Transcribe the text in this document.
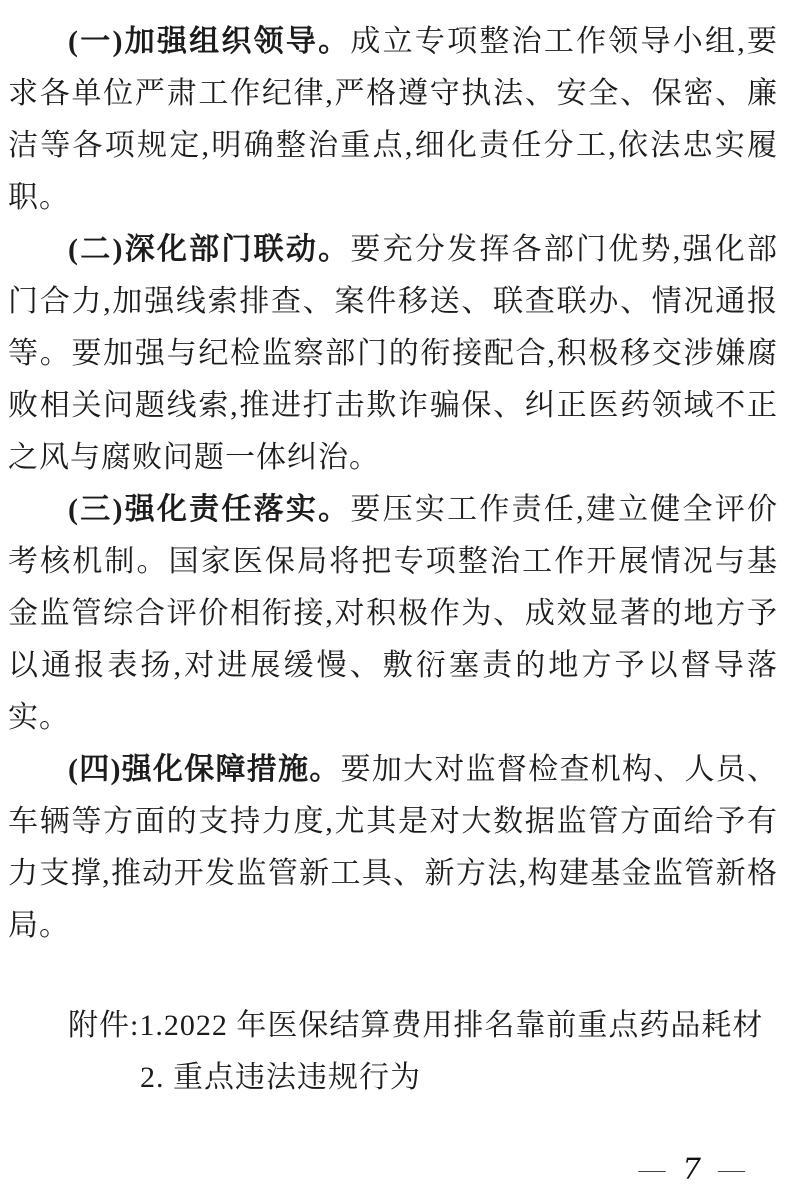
(一)加强组织领导。成立专项整治工作领导小组,要求各单位严肃工作纪律,严格遵守执法、安全、保密、廉洁等各项规定,明确整治重点,细化责任分工,依法忠实履职。

(二)深化部门联动。要充分发挥各部门优势,强化部门合力,加强线索排查、案件移送、联查联办、情况通报等。要加强与纪检监察部门的衔接配合,积极移交涉嫌腐败相关问题线索,推进打击欺诈骗保、纠正医药领域不正之风与腐败问题一体纠治。

(三)强化责任落实。要压实工作责任,建立健全评价考核机制。国家医保局将把专项整治工作开展情况与基金监管综合评价相衔接,对积极作为、成效显著的地方予以通报表扬,对进展缓慢、敷衍塞责的地方予以督导落实。

(四)强化保障措施。要加大对监督检查机构、人员、车辆等方面的支持力度,尤其是对大数据监管方面给予有力支撑,推动开发监管新工具、新方法,构建基金监管新格局。

附件:1.2022 年医保结算费用排名靠前重点药品耗材
2. 重点违法违规行为
— 7 —
